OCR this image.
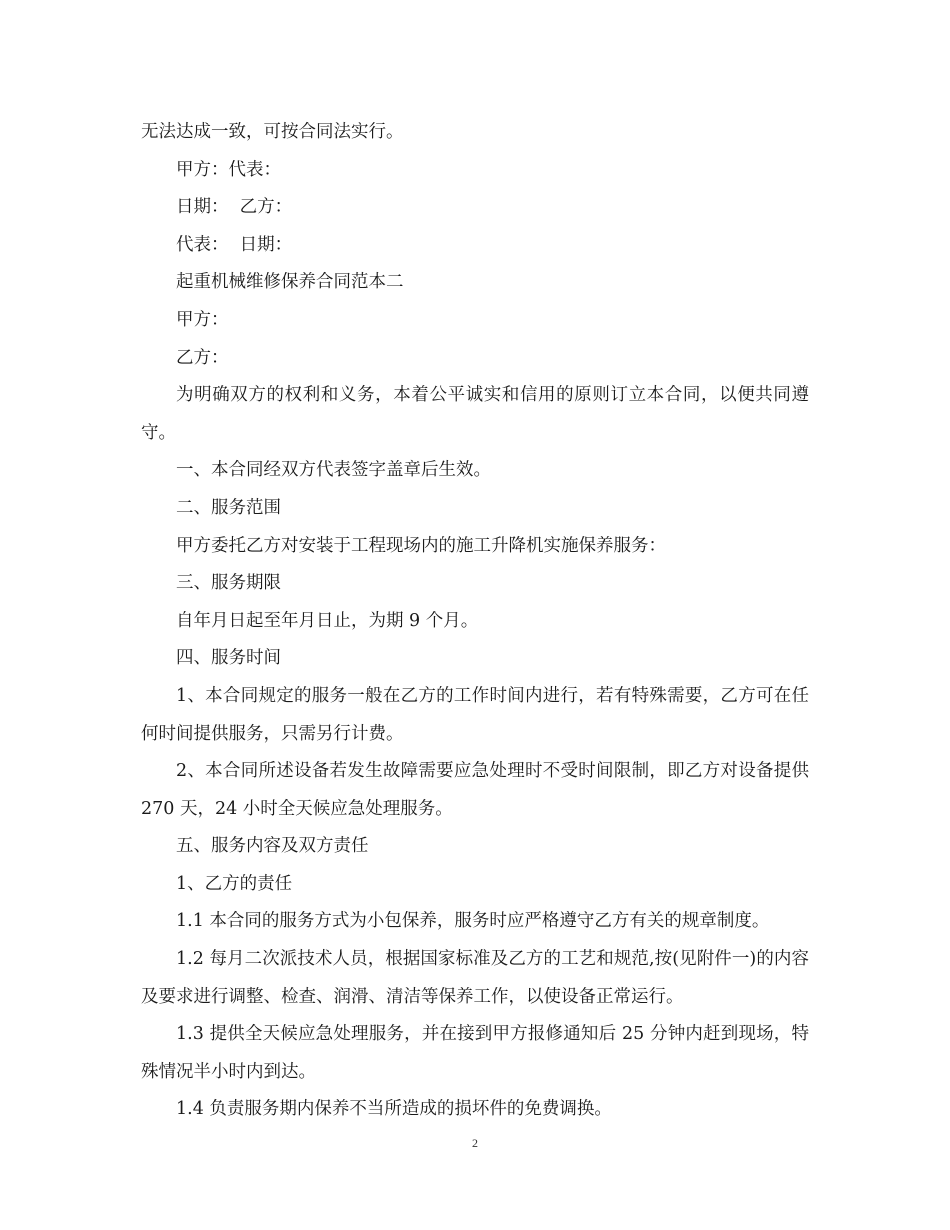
无法达成一致，可按合同法实行。

甲方：代表：

日期：  乙方：

代表：  日期：

起重机械维修保养合同范本二

甲方：

乙方：

为明确双方的权利和义务，本着公平诚实和信用的原则订立本合同，以便共同遵守。

一、本合同经双方代表签字盖章后生效。

二、服务范围

甲方委托乙方对安装于工程现场内的施工升降机实施保养服务：

三、服务期限

自年月日起至年月日止，为期 9 个月。

四、服务时间

1、本合同规定的服务一般在乙方的工作时间内进行，若有特殊需要，乙方可在任何时间提供服务，只需另行计费。

2、本合同所述设备若发生故障需要应急处理时不受时间限制，即乙方对设备提供 270 天，24 小时全天候应急处理服务。

五、服务内容及双方责任

1、乙方的责任

1.1 本合同的服务方式为小包保养，服务时应严格遵守乙方有关的规章制度。

1.2 每月二次派技术人员，根据国家标准及乙方的工艺和规范,按(见附件一)的内容及要求进行调整、检查、润滑、清洁等保养工作，以使设备正常运行。

1.3 提供全天候应急处理服务，并在接到甲方报修通知后 25 分钟内赶到现场，特殊情况半小时内到达。

1.4 负责服务期内保养不当所造成的损坏件的免费调换。

2
